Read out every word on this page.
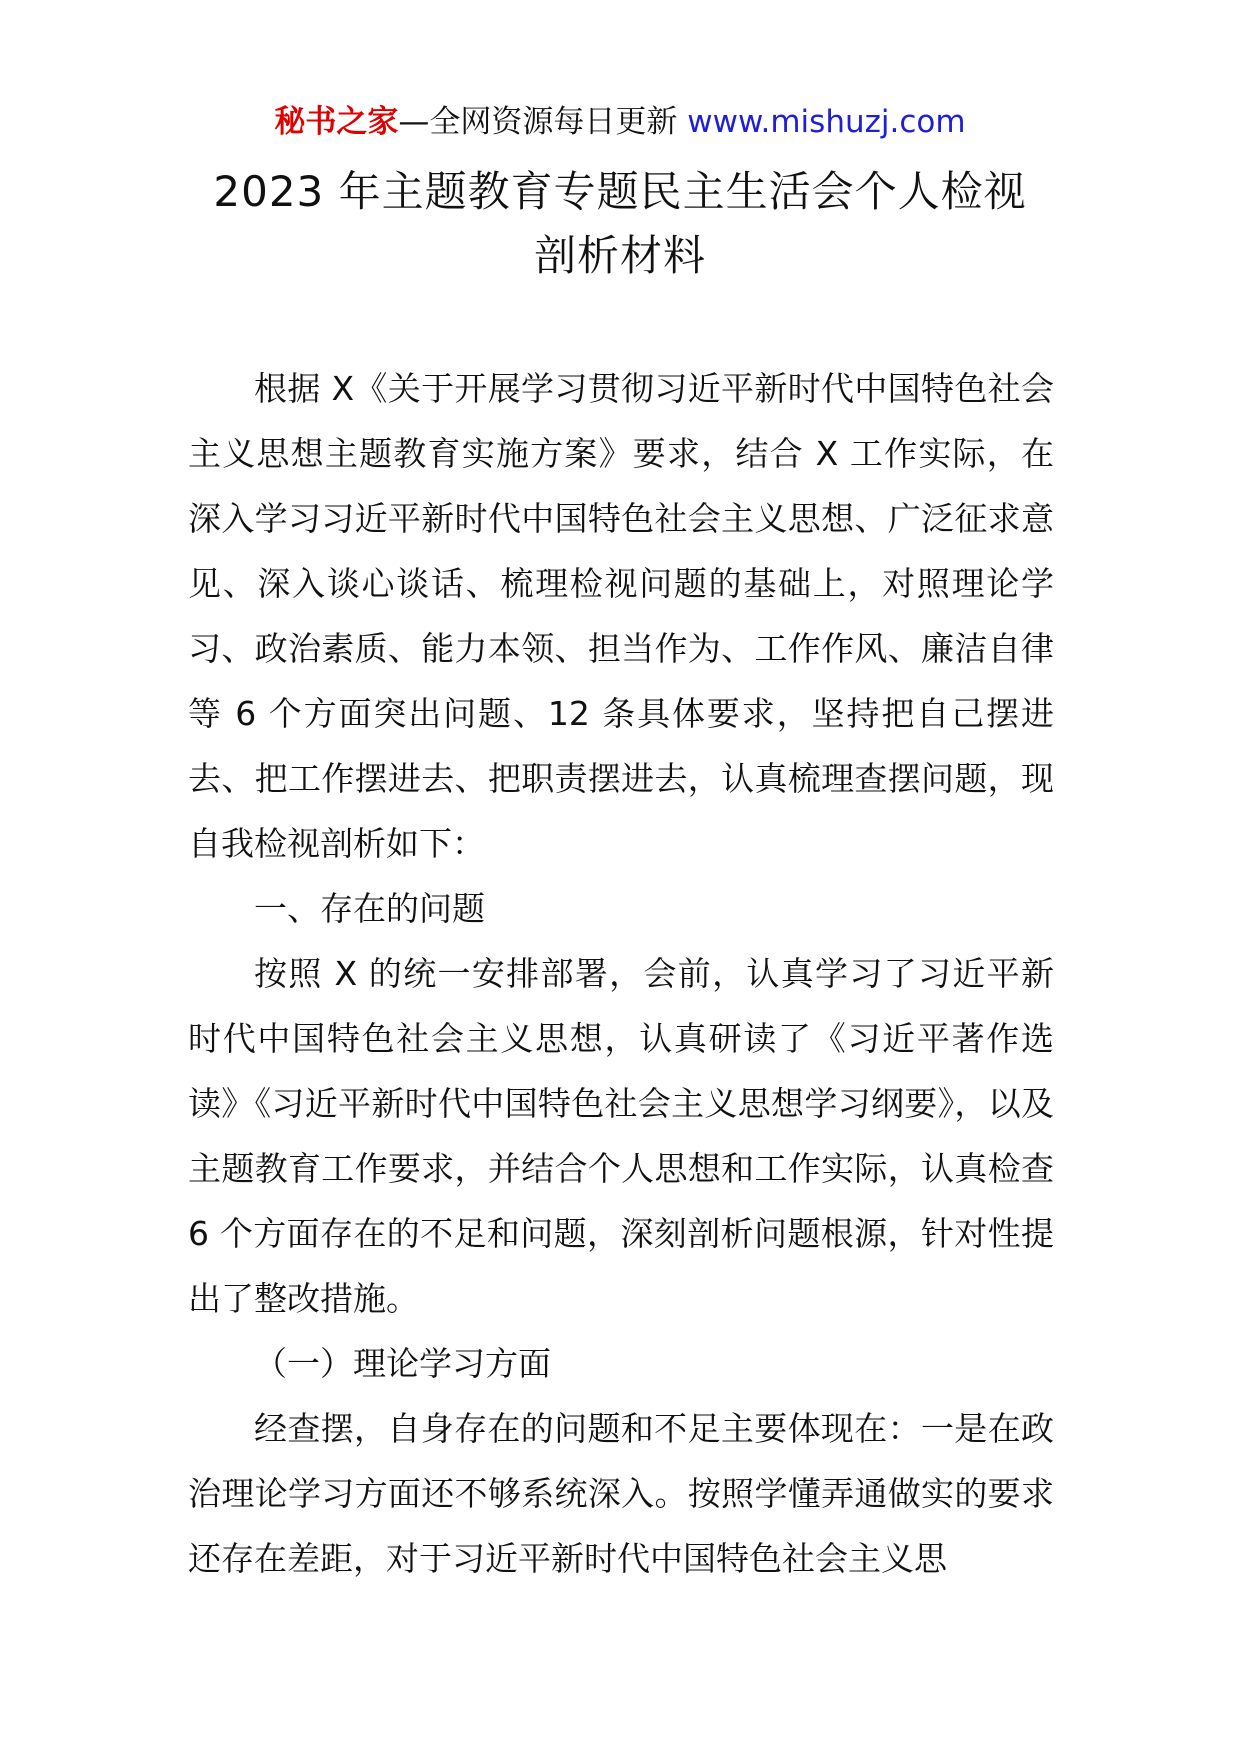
秘书之家—全网资源每日更新 www.mishuzj.com
2023 年主题教育专题民主生活会个人检视
剖析材料

根据 X《关于开展学习贯彻习近平新时代中国特色社会主义思想主题教育实施方案》要求，结合 X 工作实际，在深入学习习近平新时代中国特色社会主义思想、广泛征求意见、深入谈心谈话、梳理检视问题的基础上，对照理论学习、政治素质、能力本领、担当作为、工作作风、廉洁自律等 6 个方面突出问题、12 条具体要求，坚持把自己摆进去、把工作摆进去、把职责摆进去，认真梳理查摆问题，现自我检视剖析如下：

一、存在的问题

按照 X 的统一安排部署，会前，认真学习了习近平新时代中国特色社会主义思想，认真研读了《习近平著作选读》《习近平新时代中国特色社会主义思想学习纲要》，以及主题教育工作要求，并结合个人思想和工作实际，认真检查 6 个方面存在的不足和问题，深刻剖析问题根源，针对性提出了整改措施。

（一）理论学习方面

经查摆，自身存在的问题和不足主要体现在：一是在政治理论学习方面还不够系统深入。按照学懂弄通做实的要求还存在差距，对于习近平新时代中国特色社会主义思
